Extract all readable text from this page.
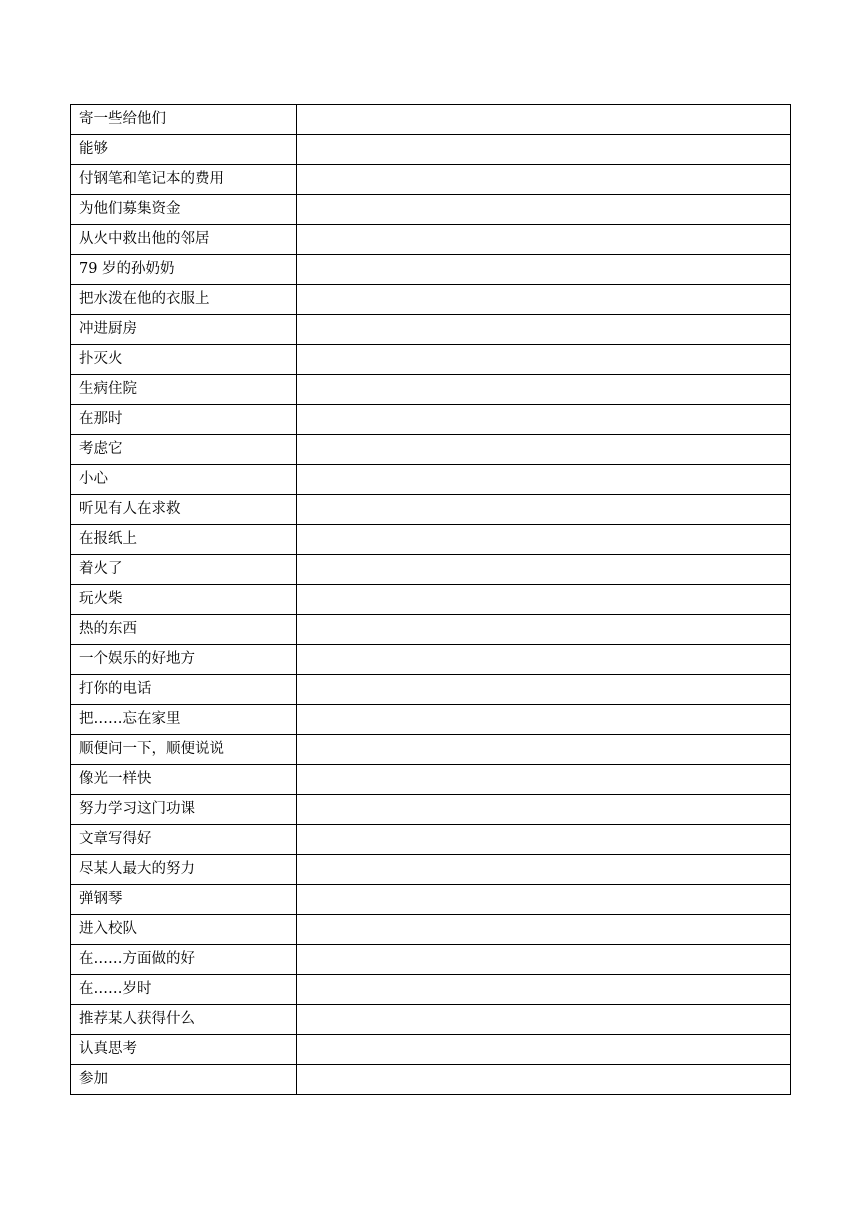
寄一些给他们	
能够	
付钢笔和笔记本的费用	
为他们募集资金	
从火中救出他的邻居	
79 岁的孙奶奶	
把水泼在他的衣服上	
冲进厨房	
扑灭火	
生病住院	
在那时	
考虑它	
小心	
听见有人在求救	
在报纸上	
着火了	
玩火柴	
热的东西	
一个娱乐的好地方	
打你的电话	
把……忘在家里	
顺便问一下，顺便说说	
像光一样快	
努力学习这门功课	
文章写得好	
尽某人最大的努力	
弹钢琴	
进入校队	
在……方面做的好	
在……岁时	
推荐某人获得什么	
认真思考	
参加	
